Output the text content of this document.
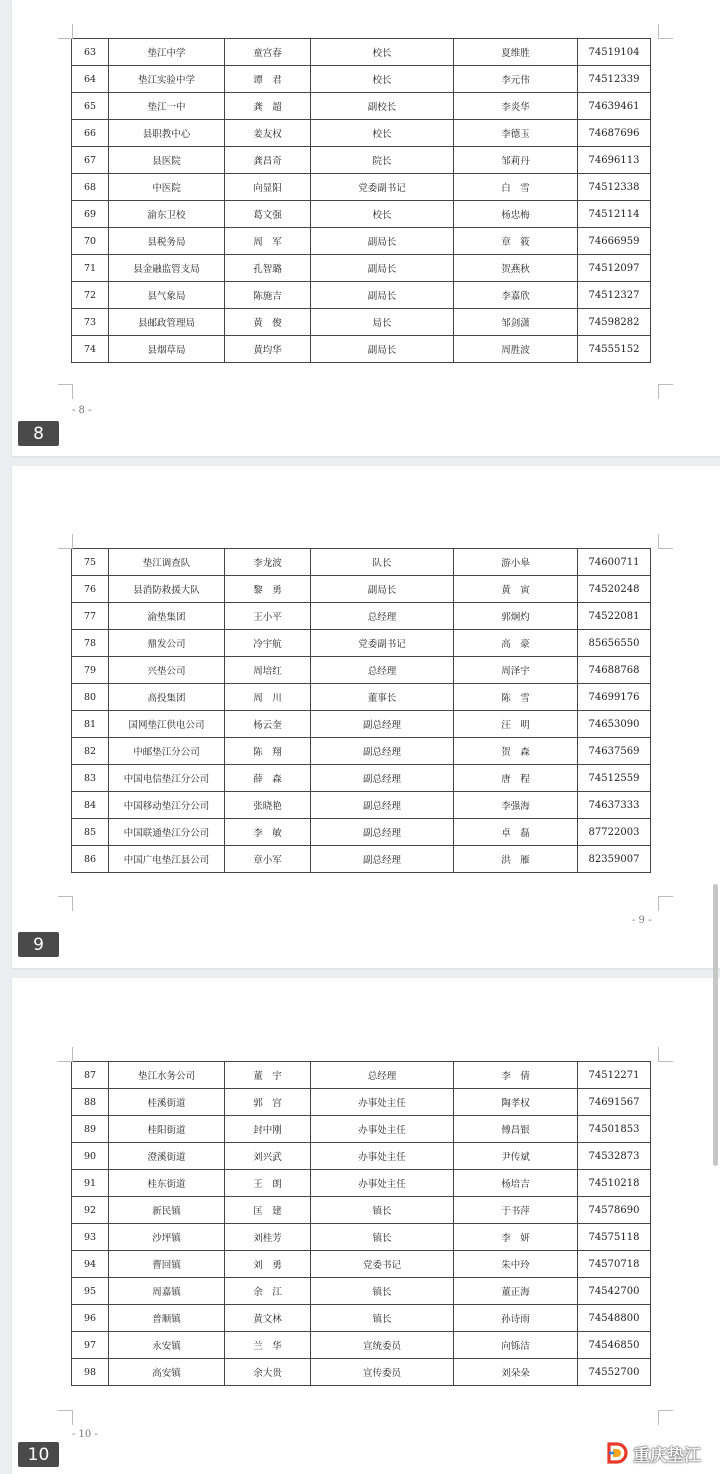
63	垫江中学	童宫春	校长	夏维胜	74519104
64	垫江实验中学	谭　君	校长	李元伟	74512339
65	垫江一中	龚　超	副校长	李炎华	74639461
66	县职教中心	姜友权	校长	李德玉	74687696
67	县医院	龚昌奇	院长	邹莉丹	74696113
68	中医院	向显阳	党委副书记	白　雪	74512338
69	渝东卫校	葛文强	校长	杨忠梅	74512114
70	县税务局	周　军	副局长	章　筱	74666959
71	县金融监管支局	孔智璐	副局长	贺燕秋	74512097
72	县气象局	陈施吉	副局长	李嘉欣	74512327
73	县邮政管理局	黄　俊	局长	邹剑潇	74598282
74	县烟草局	黄均华	副局长	周胜波	74555152
- 8 -
8
75	垫江调查队	李龙波	队长	游小皋	74600711
76	县消防救援大队	黎　勇	副局长	黄　寅	74520248
77	渝垫集团	王小平	总经理	郭炯灼	74522081
78	鼎发公司	冷宇航	党委副书记	高　豪	85656550
79	兴垫公司	周培红	总经理	周泽宇	74688768
80	高投集团	周　川	董事长	陈　雪	74699176
81	国网垫江供电公司	杨云奎	副总经理	汪　明	74653090
82	中邮垫江分公司	陈　翔	副总经理	贺　森	74637569
83	中国电信垫江分公司	薛　森	副总经理	唐　程	74512559
84	中国移动垫江分公司	张晓艳	副总经理	李强海	74637333
85	中国联通垫江分公司	李　敏	副总经理	卓　磊	87722003
86	中国广电垫江县公司	章小军	副总经理	洪　雁	82359007
- 9 -
9
87	垫江水务公司	董　宇	总经理	李　倩	74512271
88	桂溪街道	郭　宫	办事处主任	陶孝权	74691567
89	桂阳街道	封中刚	办事处主任	傅昌银	74501853
90	澄溪街道	刘兴武	办事处主任	尹传斌	74532873
91	桂东街道	王　朗	办事处主任	杨培吉	74510218
92	新民镇	匡　建	镇长	于书萍	74578690
93	沙坪镇	刘桂芳	镇长	李　妍	74575118
94	曹回镇	刘　勇	党委书记	朱中玲	74570718
95	周嘉镇	余　江	镇长	董正海	74542700
96	普顺镇	黄文林	镇长	孙诗雨	74548800
97	永安镇	兰　华	宣统委员	向铄洁	74546850
98	高安镇	余大贵	宣传委员	刘朵朵	74552700
- 10 -
10	重庆垫江
